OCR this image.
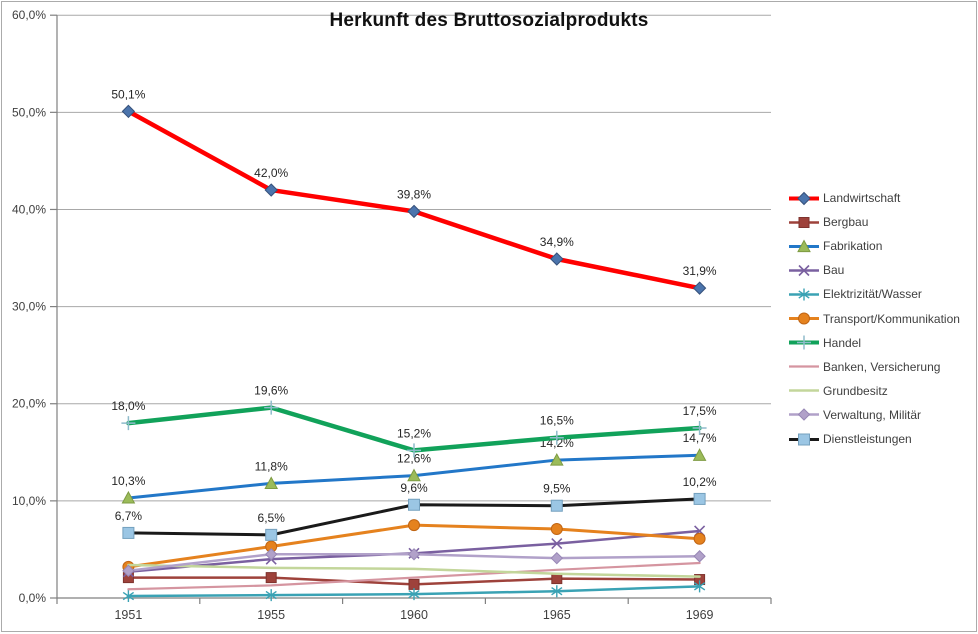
Herkunft des Bruttosozialprodukts
0,0%
10,0%
20,0%
30,0%
40,0%
50,0%
60,0%
1951	1955	1960	1965	1969
50,1%
42,0%
39,8%
34,9%
31,9%
10,3%
11,8%
12,6%
14,2%	14,7%
18,0%
19,6%
15,2%
16,5%
17,5%
6,7%	6,5%
9,6%	9,5%	10,2%
Landwirtschaft
Bergbau
Fabrikation
Bau
Elektrizität/Wasser
Transport/Kommunikation
Handel
Banken, Versicherung
Grundbesitz
Verwaltung, Militär
Dienstleistungen
